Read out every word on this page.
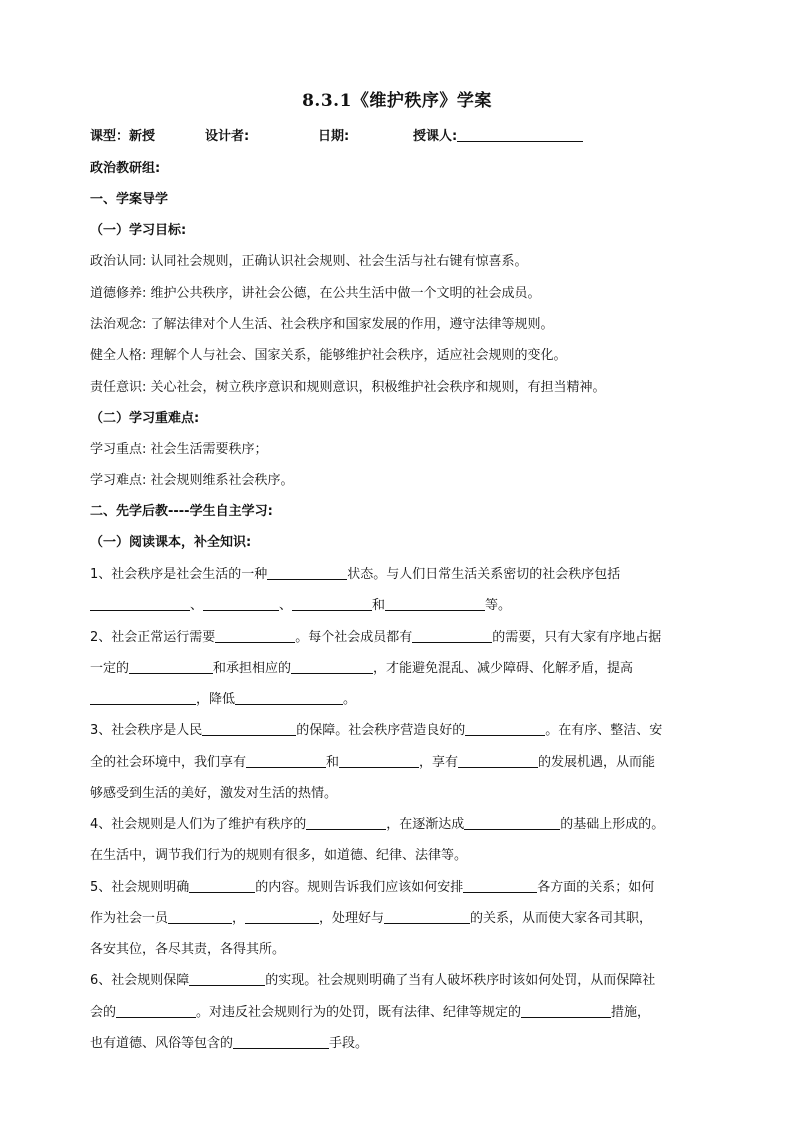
8.3.1《维护秩序》学案
课型：新授	设计者:	日期:	授课人:
政治教研组:
一、学案导学
（一）学习目标:
政治认同: 认同社会规则，正确认识社会规则、社会生活与社右键有惊喜系。
道德修养: 维护公共秩序，讲社会公德，在公共生活中做一个文明的社会成员。
法治观念: 了解法律对个人生活、社会秩序和国家发展的作用，遵守法律等规则。
健全人格: 理解个人与社会、国家关系，能够维护社会秩序，适应社会规则的变化。
责任意识: 关心社会，树立秩序意识和规则意识，积极维护社会秩序和规则，有担当精神。
（二）学习重难点:
学习重点: 社会生活需要秩序；
学习难点: 社会规则维系社会秩序。
二、先学后教----学生自主学习:
（一）阅读课本，补全知识:
1、社会秩序是社会生活的一种	状态。与人们日常生活关系密切的社会秩序包括
、	、	和	等。
2、社会正常运行需要	。每个社会成员都有	的需要，只有大家有序地占据
一定的	和承担相应的	，才能避免混乱、减少障碍、化解矛盾，提高
，降低	。
3、社会秩序是人民	的保障。社会秩序营造良好的	。在有序、整洁、安
全的社会环境中，我们享有	和	，享有	的发展机遇，从而能
够感受到生活的美好，激发对生活的热情。
4、社会规则是人们为了维护有秩序的	，在逐渐达成	的基础上形成的。
在生活中，调节我们行为的规则有很多，如道德、纪律、法律等。
5、社会规则明确	的内容。规则告诉我们应该如何安排	各方面的关系；如何
作为社会一员	，	，处理好与	的关系，从而使大家各司其职，
各安其位，各尽其责，各得其所。
6、社会规则保障	的实现。社会规则明确了当有人破坏秩序时该如何处罚，从而保障社
会的	。对违反社会规则行为的处罚，既有法律、纪律等规定的	措施，
也有道德、风俗等包含的	手段。
